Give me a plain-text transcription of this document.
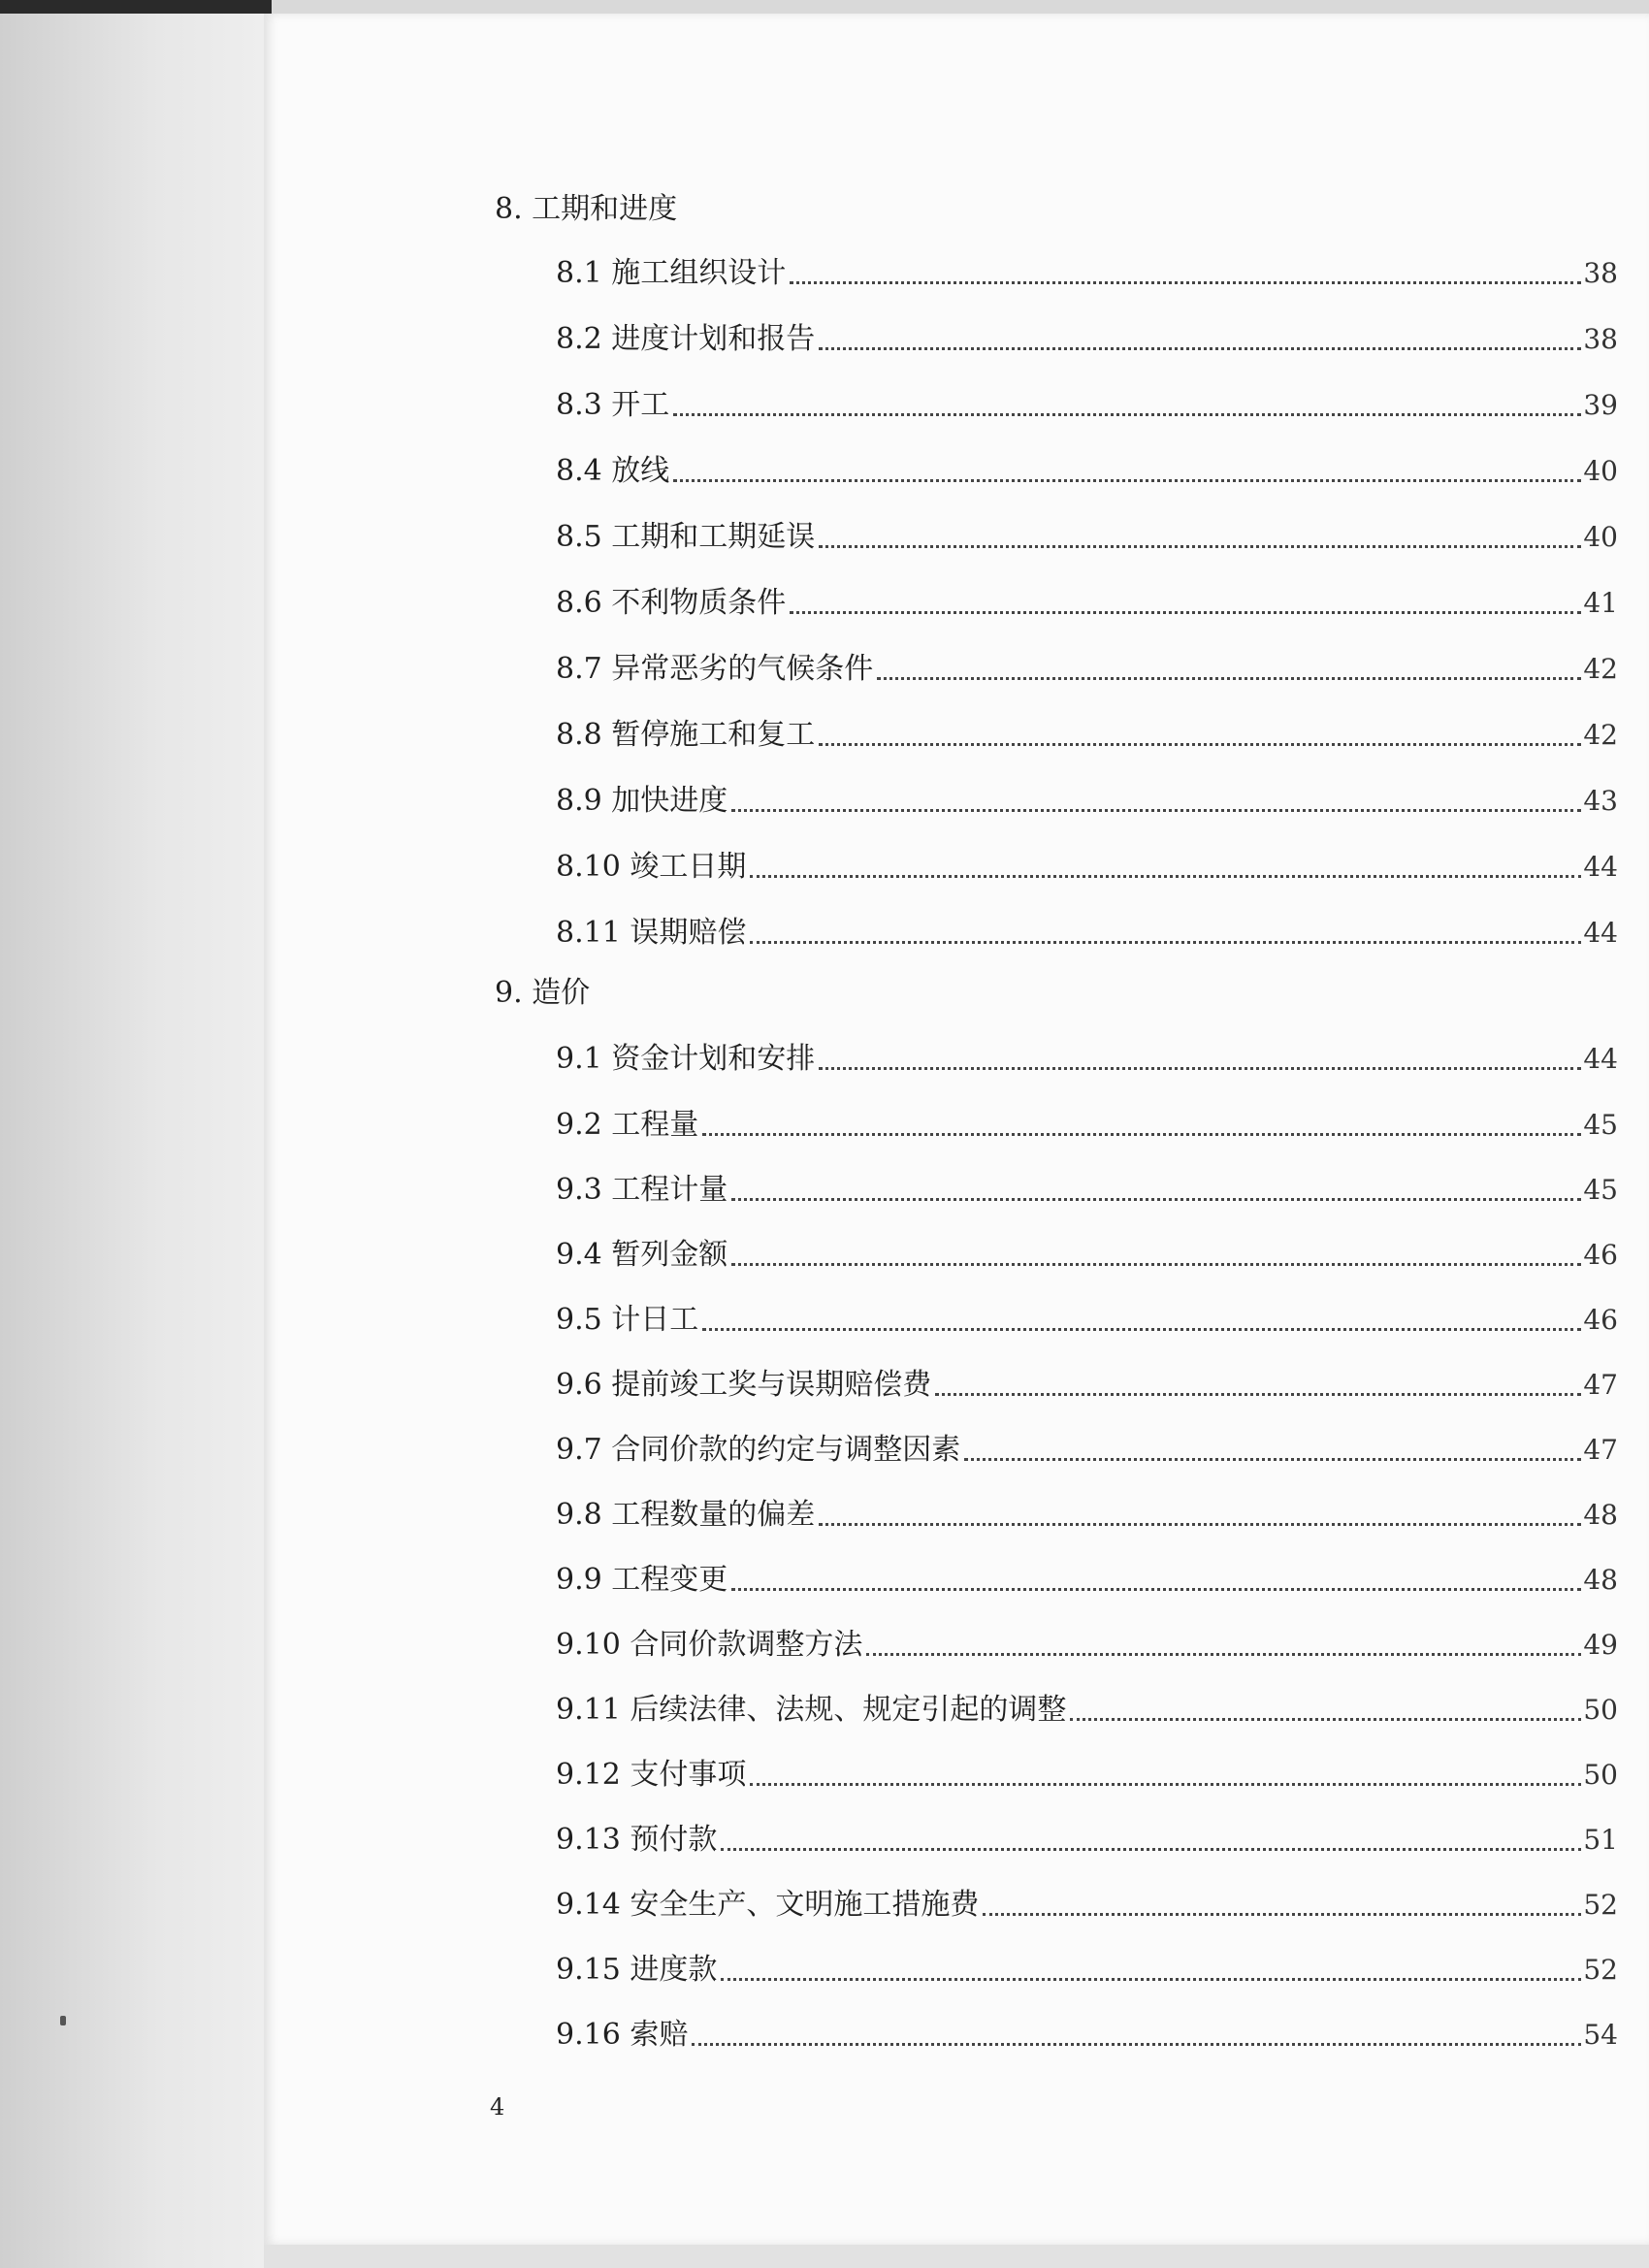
8. 工期和进度
8.1 施工组织设计	38
8.2 进度计划和报告	38
8.3 开工	39
8.4 放线	40
8.5 工期和工期延误	40
8.6 不利物质条件	41
8.7 异常恶劣的气候条件	42
8.8 暂停施工和复工	42
8.9 加快进度	43
8.10 竣工日期	44
8.11 误期赔偿	44
9. 造价
9.1 资金计划和安排	44
9.2 工程量	45
9.3 工程计量	45
9.4 暂列金额	46
9.5 计日工	46
9.6 提前竣工奖与误期赔偿费	47
9.7 合同价款的约定与调整因素	47
9.8 工程数量的偏差	48
9.9 工程变更	48
9.10 合同价款调整方法	49
9.11 后续法律、法规、规定引起的调整	50
9.12 支付事项	50
9.13 预付款	51
9.14 安全生产、文明施工措施费	52
9.15 进度款	52
9.16 索赔	54
4
